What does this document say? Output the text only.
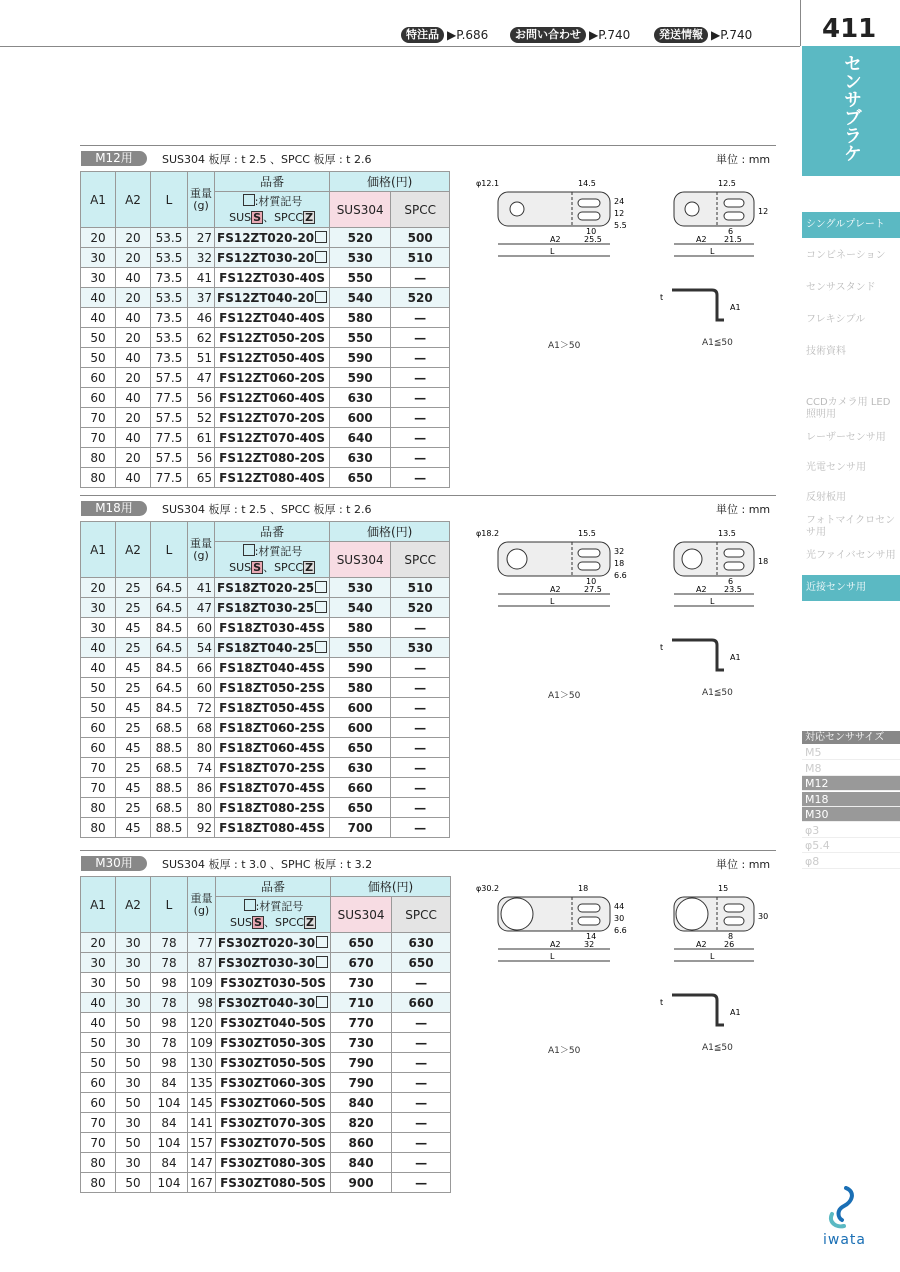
特注品 ▶P.686	お問い合わせ ▶P.740	発送情報 ▶P.740	411
センサブラケット
シングルプレート
コンビネーション
センサスタンド
フレキシブル
技術資料
CCDカメラ用 LED照明用
レーザーセンサ用
光電センサ用
反射板用
フォトマイクロセンサ用
光ファイバセンサ用
近接センサ用
対応センササイズ
M5
M8
M12
M18
M30
φ3
φ5.4
φ8
M12用	SUS304 板厚 : t 2.5 、SPCC 板厚 : t 2.6	単位 : mm
A1	A2	L	重量
(g)	品番	価格(円)	
				:材質記号
SUS S 、SPCC Z	SUS304	SPCC
20	20	53.5	27	FS12ZT020-20	520	500
30	20	53.5	32	FS12ZT030-20	530	510
30	40	73.5	41	FS12ZT030-40S	550	—
40	20	53.5	37	FS12ZT040-20	540	520
40	40	73.5	46	FS12ZT040-40S	580	—
50	20	53.5	62	FS12ZT050-20S	550	—
50	40	73.5	51	FS12ZT050-40S	590	—
60	20	57.5	47	FS12ZT060-20S	590	—
60	40	77.5	56	FS12ZT060-40S	630	—
70	20	57.5	52	FS12ZT070-20S	600	—
70	40	77.5	61	FS12ZT070-40S	640	—
80	20	57.5	56	FS12ZT080-20S	630	—
80	40	77.5	65	FS12ZT080-40S	650	—
φ12.1	14.5	12.5
A2	25.5
L
A2 21.5
L
10	6
24
12	12
5.5
t
A1
A1＞50	A1≦50
M18用	SUS304 板厚 : t 2.5 、SPCC 板厚 : t 2.6	単位 : mm
A1	A2	L	重量
(g)	品番	価格(円)	
				:材質記号
SUS S 、SPCC Z	SUS304	SPCC
20	25	64.5	41	FS18ZT020-25	530	510
30	25	64.5	47	FS18ZT030-25	540	520
30	45	84.5	60	FS18ZT030-45S	580	—
40	25	64.5	54	FS18ZT040-25	550	530
40	45	84.5	66	FS18ZT040-45S	590	—
50	25	64.5	60	FS18ZT050-25S	580	—
50	45	84.5	72	FS18ZT050-45S	600	—
60	25	68.5	68	FS18ZT060-25S	600	—
60	45	88.5	80	FS18ZT060-45S	650	—
70	25	68.5	74	FS18ZT070-25S	630	—
70	45	88.5	86	FS18ZT070-45S	660	—
80	25	68.5	80	FS18ZT080-25S	650	—
80	45	88.5	92	FS18ZT080-45S	700	—
φ18.2	15.5	13.5
A2	27.5
L
A2 23.5
L
10	6
32
18	18
6.6
t
A1
A1＞50	A1≦50
M30用	SUS304 板厚 : t 3.0 、SPHC 板厚 : t 3.2	単位 : mm
A1	A2	L	重量
(g)	品番	価格(円)	
				:材質記号
SUS S 、SPCC Z	SUS304	SPCC
20	30	78	77	FS30ZT020-30	650	630
30	30	78	87	FS30ZT030-30	670	650
30	50	98	109	FS30ZT030-50S	730	—
40	30	78	98	FS30ZT040-30	710	660
40	50	98	120	FS30ZT040-50S	770	—
50	30	78	109	FS30ZT050-30S	730	—
50	50	98	130	FS30ZT050-50S	790	—
60	30	84	135	FS30ZT060-30S	790	—
60	50	104	145	FS30ZT060-50S	840	—
70	30	84	141	FS30ZT070-30S	820	—
70	50	104	157	FS30ZT070-50S	860	—
80	30	84	147	FS30ZT080-30S	840	—
80	50	104	167	FS30ZT080-50S	900	—
φ30.2	18	15
A2	32
L
A2 26
L
14	8
44
30	30
6.6
t
A1
A1＞50	A1≦50
iwata
